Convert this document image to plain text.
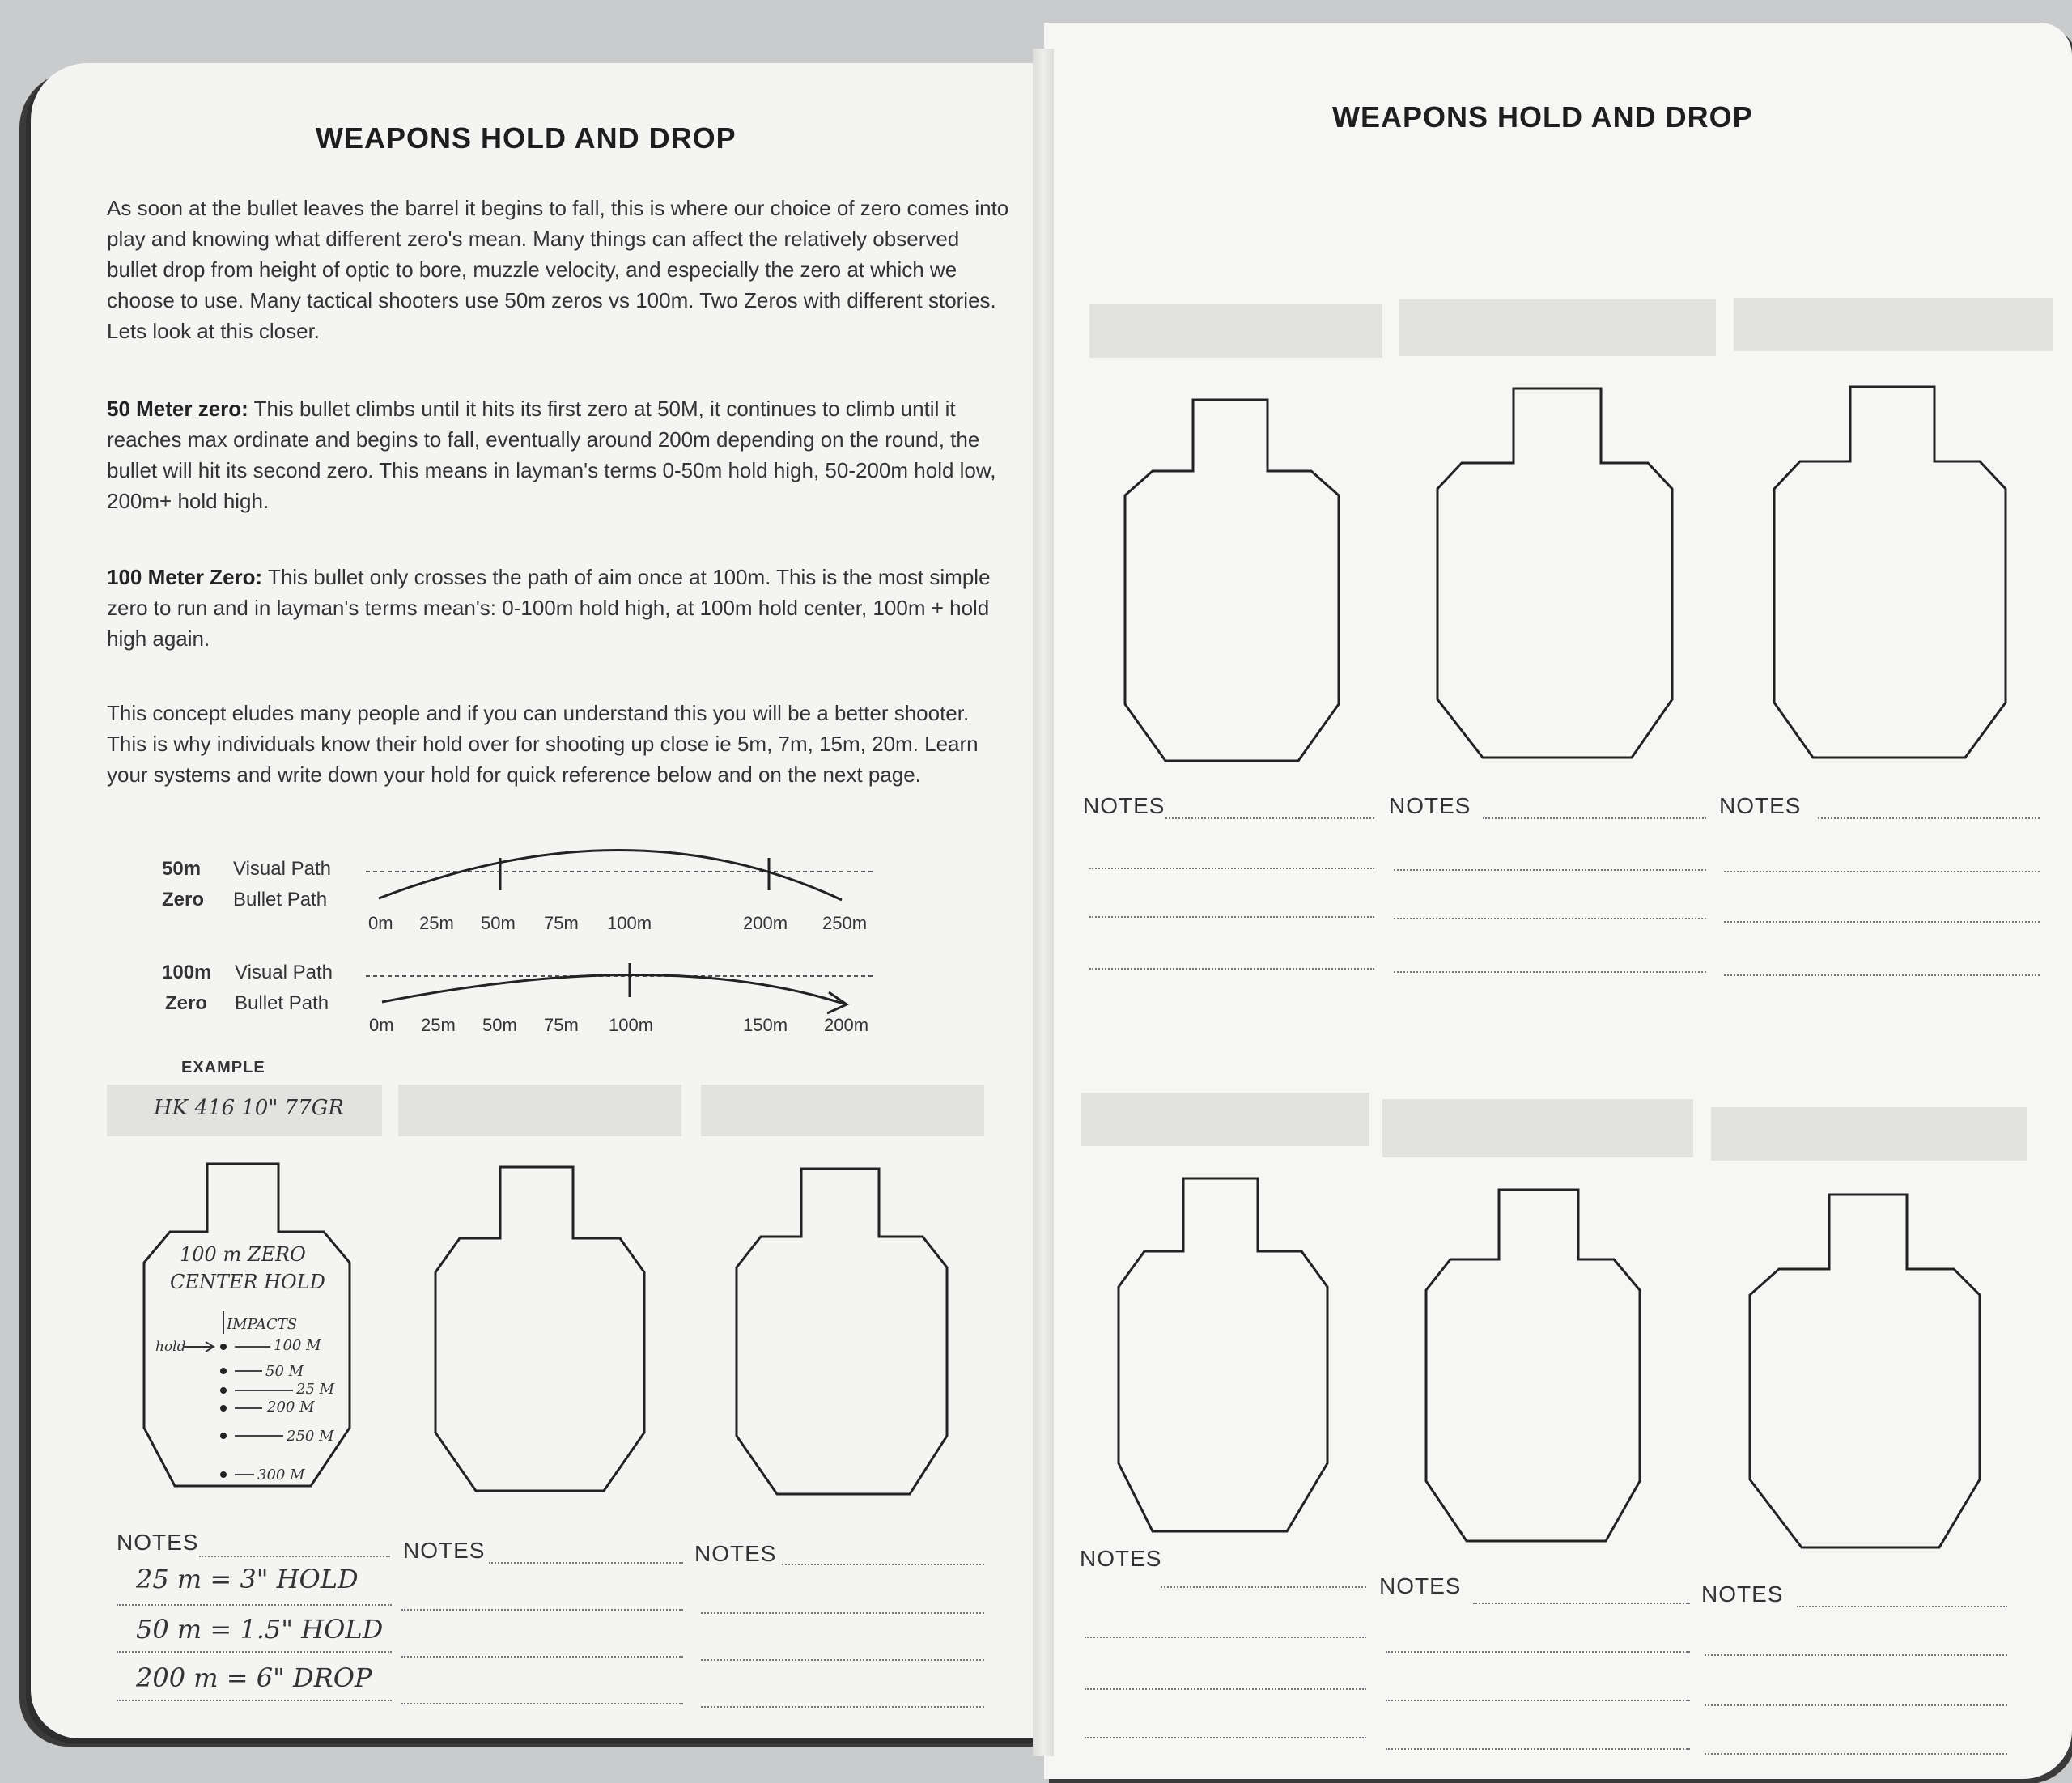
WEAPONS HOLD AND DROP

As soon at the bullet leaves the barrel it begins to fall, this is where our choice of zero comes into play and knowing what different zero's mean. Many things can affect the relatively observed bullet drop from height of optic to bore, muzzle velocity, and especially the zero at which we choose to use. Many tactical shooters use 50m zeros vs 100m. Two Zeros with different stories. Lets look at this closer.

50 Meter zero: This bullet climbs until it hits its first zero at 50M, it continues to climb until it reaches max ordinate and begins to fall, eventually around 200m depending on the round, the bullet will hit its second zero. This means in layman's terms 0-50m hold high, 50-200m hold low, 200m+ hold high.

100 Meter Zero: This bullet only crosses the path of aim once at 100m. This is the most simple zero to run and in layman's terms mean's: 0-100m hold high, at 100m hold center, 100m + hold high again.

This concept eludes many people and if you can understand this you will be a better shooter. This is why individuals know their hold over for shooting up close ie 5m, 7m, 15m, 20m. Learn your systems and write down your hold for quick reference below and on the next page.

50m
Zero
Visual Path
Bullet Path
0m 25m 50m 75m 100m	200m 250m
100m
Zero
Visual Path
Bullet Path
0m 25m 50m 75m 100m	150m 200m
EXAMPLE
HK 416 10" 77GR
100 m ZERO
CENTER HOLD
IMPACTS
hold	100 M
50 M
25 M
200 M
250 M
300 M
NOTES	NOTES	NOTES
25 m = 3" HOLD
50 m = 1.5" HOLD
200 m = 6" DROP
WEAPONS HOLD AND DROP
NOTES	NOTES	NOTES
NOTES
NOTES	NOTES
